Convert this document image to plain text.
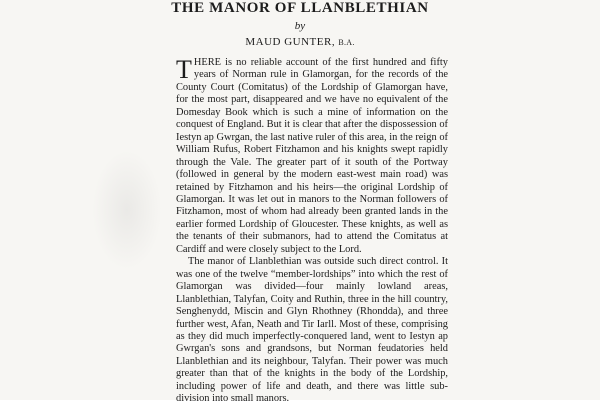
THE MANOR OF LLANBLETHIAN
by
MAUD GUNTER, B.A.

THERE is no reliable account of the first hundred and fifty years of Norman rule in Glamorgan, for the records of the County Court (Comitatus) of the Lordship of Glamorgan have, for the most part, disappeared and we have no equivalent of the Domesday Book which is such a mine of information on the conquest of England. But it is clear that after the dispossession of Iestyn ap Gwrgan, the last native ruler of this area, in the reign of William Rufus, Robert Fitzhamon and his knights swept rapidly through the Vale. The greater part of it south of the Portway (followed in general by the modern east-west main road) was retained by Fitzhamon and his heirs—the original Lordship of Glamorgan. It was let out in manors to the Norman followers of Fitzhamon, most of whom had already been granted lands in the earlier formed Lordship of Gloucester. These knights, as well as the tenants of their submanors, had to attend the Comitatus at Cardiff and were closely subject to the Lord.

The manor of Llanblethian was outside such direct control. It was one of the twelve “member-lordships” into which the rest of Glamorgan was divided—four mainly lowland areas, Llanblethian, Talyfan, Coity and Ruthin, three in the hill country, Senghenydd, Miscin and Glyn Rhothney (Rhondda), and three further west, Afan, Neath and Tir Iarll. Most of these, comprising as they did much imperfectly-conquered land, went to Iestyn ap Gwrgan's sons and grandsons, but Norman feudatories held Llanblethian and its neighbour, Talyfan. Their power was much greater than that of the knights in the body of the Lordship, including power of life and death, and there was little sub-division into small manors.
